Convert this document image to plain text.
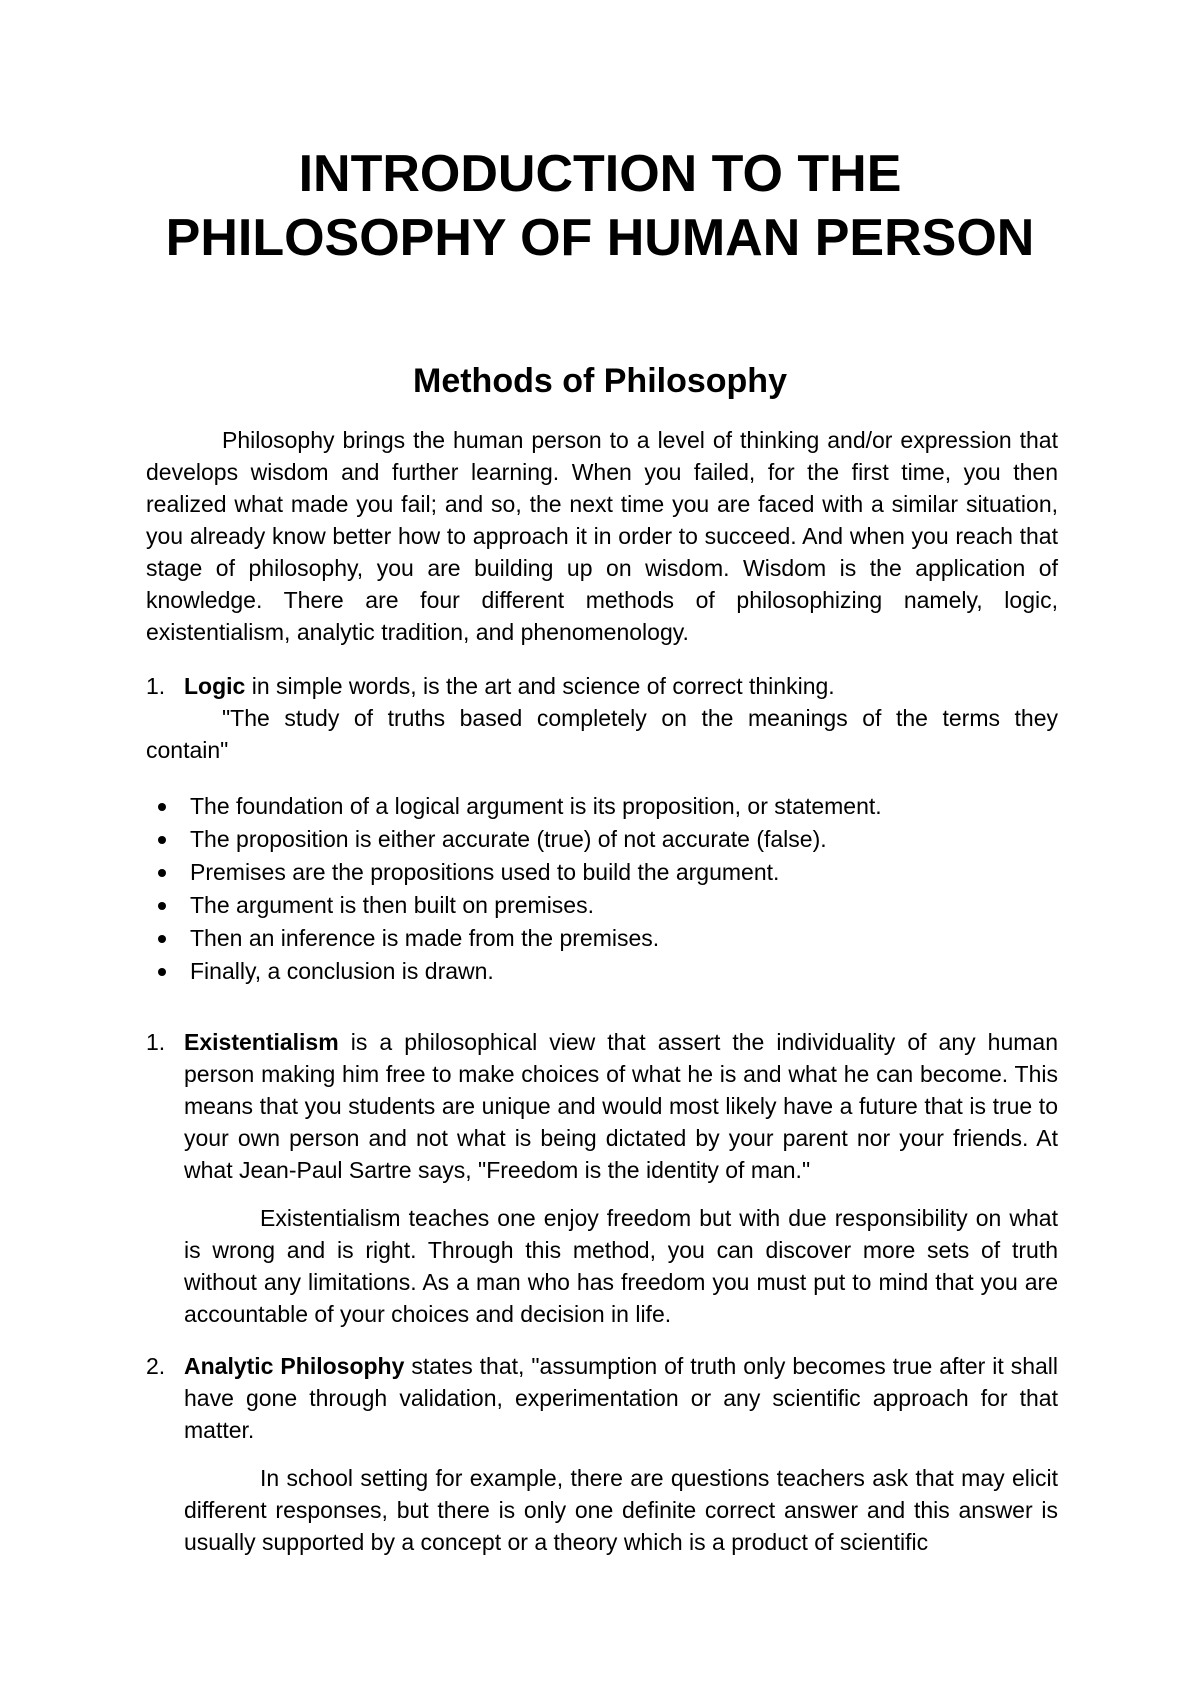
INTRODUCTION TO THE
PHILOSOPHY OF HUMAN PERSON
Methods of Philosophy

Philosophy brings the human person to a level of thinking and/or expression that develops wisdom and further learning. When you failed, for the first time, you then realized what made you fail; and so, the next time you are faced with a similar situation, you already know better how to approach it in order to succeed. And when you reach that stage of philosophy, you are building up on wisdom. Wisdom is the application of knowledge. There are four different methods of philosophizing namely, logic, existentialism, analytic tradition, and phenomenology.

1. Logic in simple words, is the art and science of correct thinking.

"The study of truths based completely on the meanings of the terms they contain"

The foundation of a logical argument is its proposition, or statement.
The proposition is either accurate (true) of not accurate (false).
Premises are the propositions used to build the argument.
The argument is then built on premises.
Then an inference is made from the premises.
Finally, a conclusion is drawn.
1. Existentialism is a philosophical view that assert the individuality of any human person making him free to make choices of what he is and what he can become. This means that you students are unique and would most likely have a future that is true to your own person and not what is being dictated by your parent nor your friends. At what Jean-Paul Sartre says, "Freedom is the identity of man."

Existentialism teaches one enjoy freedom but with due responsibility on what is wrong and is right. Through this method, you can discover more sets of truth without any limitations. As a man who has freedom you must put to mind that you are accountable of your choices and decision in life.

2. Analytic Philosophy states that, "assumption of truth only becomes true after it shall have gone through validation, experimentation or any scientific approach for that matter.

In school setting for example, there are questions teachers ask that may elicit different responses, but there is only one definite correct answer and this answer is usually supported by a concept or a theory which is a product of scientific
